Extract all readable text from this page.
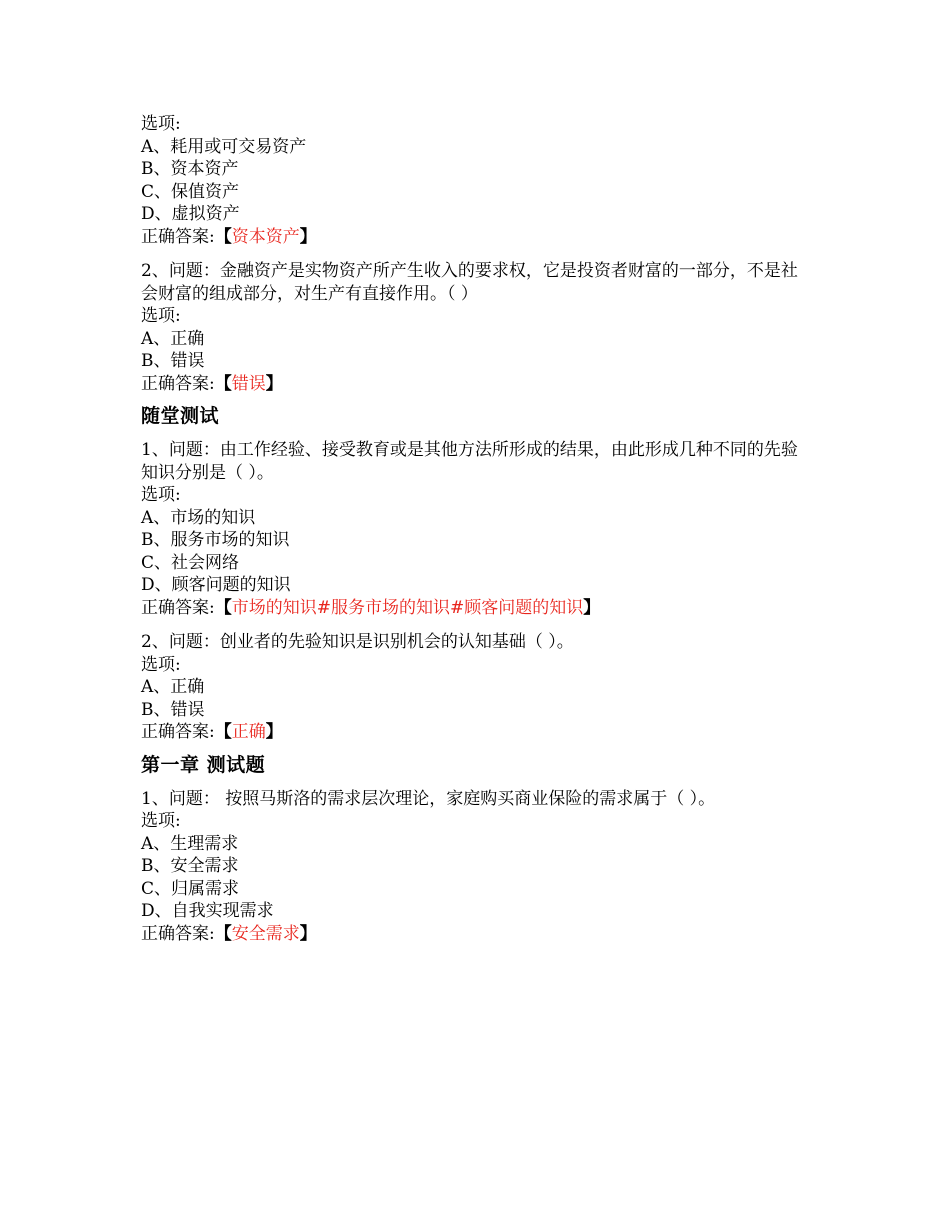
选项:
A、耗用或可交易资产
B、资本资产
C、保值资产
D、虚拟资产
正确答案:【资本资产】
2、问题：金融资产是实物资产所产生收入的要求权，它是投资者财富的一部分，不是社会财富的组成部分，对生产有直接作用。（ ）
选项:
A、正确
B、错误
正确答案:【错误】
随堂测试
1、问题：由工作经验、接受教育或是其他方法所形成的结果，由此形成几种不同的先验知识分别是（ ）。
选项:
A、市场的知识
B、服务市场的知识
C、社会网络
D、顾客问题的知识
正确答案:【市场的知识#服务市场的知识#顾客问题的知识】
2、问题：创业者的先验知识是识别机会的认知基础（ ）。
选项:
A、正确
B、错误
正确答案:【正确】
第一章 测试题
1、问题： 按照马斯洛的需求层次理论，家庭购买商业保险的需求属于（ ）。
选项:
A、生理需求
B、安全需求
C、归属需求
D、自我实现需求
正确答案:【安全需求】
